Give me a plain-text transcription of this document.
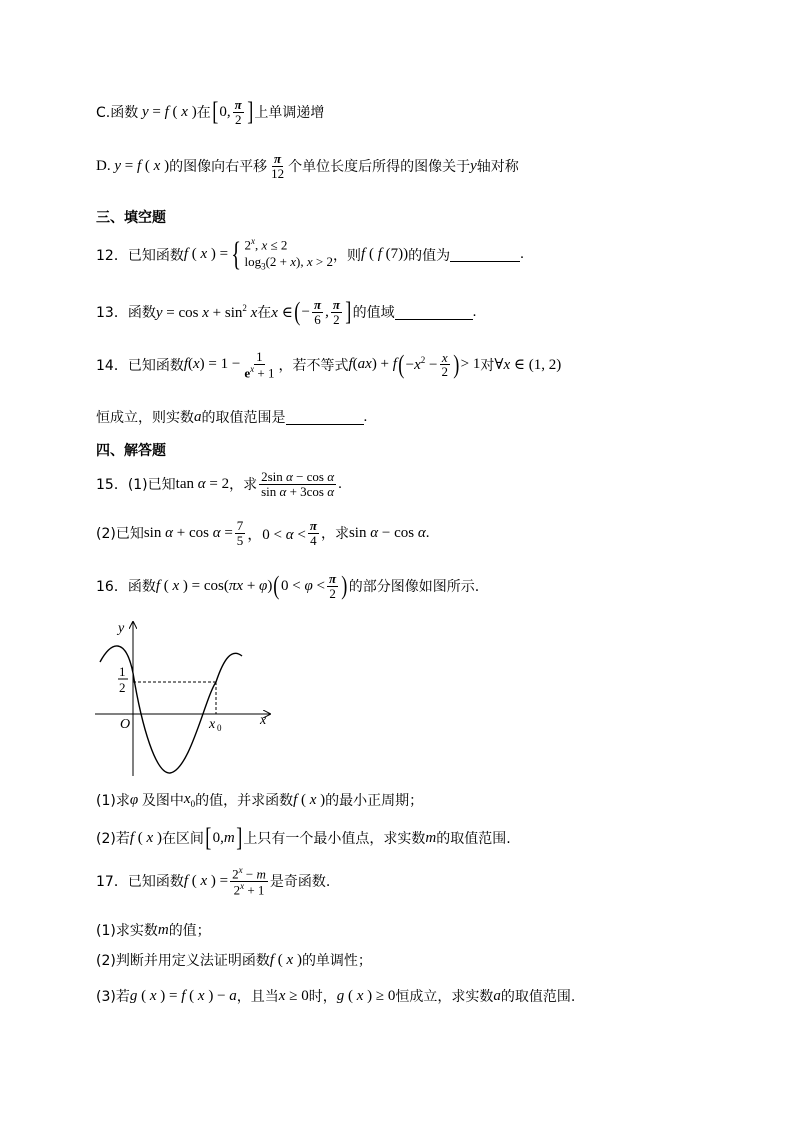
C.函数 y = f ( x ) 在 [ 0, $\frac{\pi}{2}$ ] 上单调递增
D. y = f ( x ) 的图像向右平移 $\frac{\pi}{12}$ 个单位长度后所得的图像关于 y 轴对称
三、填空题
12．已知函数 f ( x ) = { 2$^x$, x ≤ 2
$\log_3(2 + x)$, x > 2 ，则 f ( f (7)) 的值为	.
13．函数 $y = \cos x + \sin^2 x$ 在 x ∈ ( − $\frac{\pi}{6}$ , $\frac{\pi}{2}$ ] 的值域	.
14．已知函数 $f(x) = 1 - \frac{1}{e^x + 1}$ ，若不等式 f(ax) + f ( $-x^2 - \frac{x}{2}$ ) > 1 对 ∀x ∈ (1, 2)
恒成立，则实数 a 的取值范围是	.
四、解答题
15．(1)已知 tan α = 2 ，求 $\frac{\text{2sin α − cos α}}{\text{sin α + 3cos α}}$ .
(2)已知 $\sin \alpha + \cos \alpha = \frac{7}{5}$ ，$0 < \alpha < \frac{\pi}{4}$ ，求 sin α − cos α.
16．函数 f ( x ) = cos(πx + φ) ( $0 < \varphi < \frac{\pi}{2}$ ) 的部分图像如图所示.
y
x
O
1
2
x 0
(1)求 φ 及图中 $x_0$ 的值，并求函数 f ( x ) 的最小正周期；
(2)若 f ( x ) 在区间 [ 0,m ] 上只有一个最小值点，求实数 m 的取值范围.
17．已知函数 f ( x ) = $\frac{2^x - m}{2^x + 1}$ 是奇函数.
(1)求实数 m 的值；
(2)判断并用定义法证明函数 f ( x ) 的单调性；
(3)若 g ( x ) = f ( x ) − a ，且当 x ≥ 0 时， g ( x ) ≥ 0 恒成立，求实数 a 的取值范围.
